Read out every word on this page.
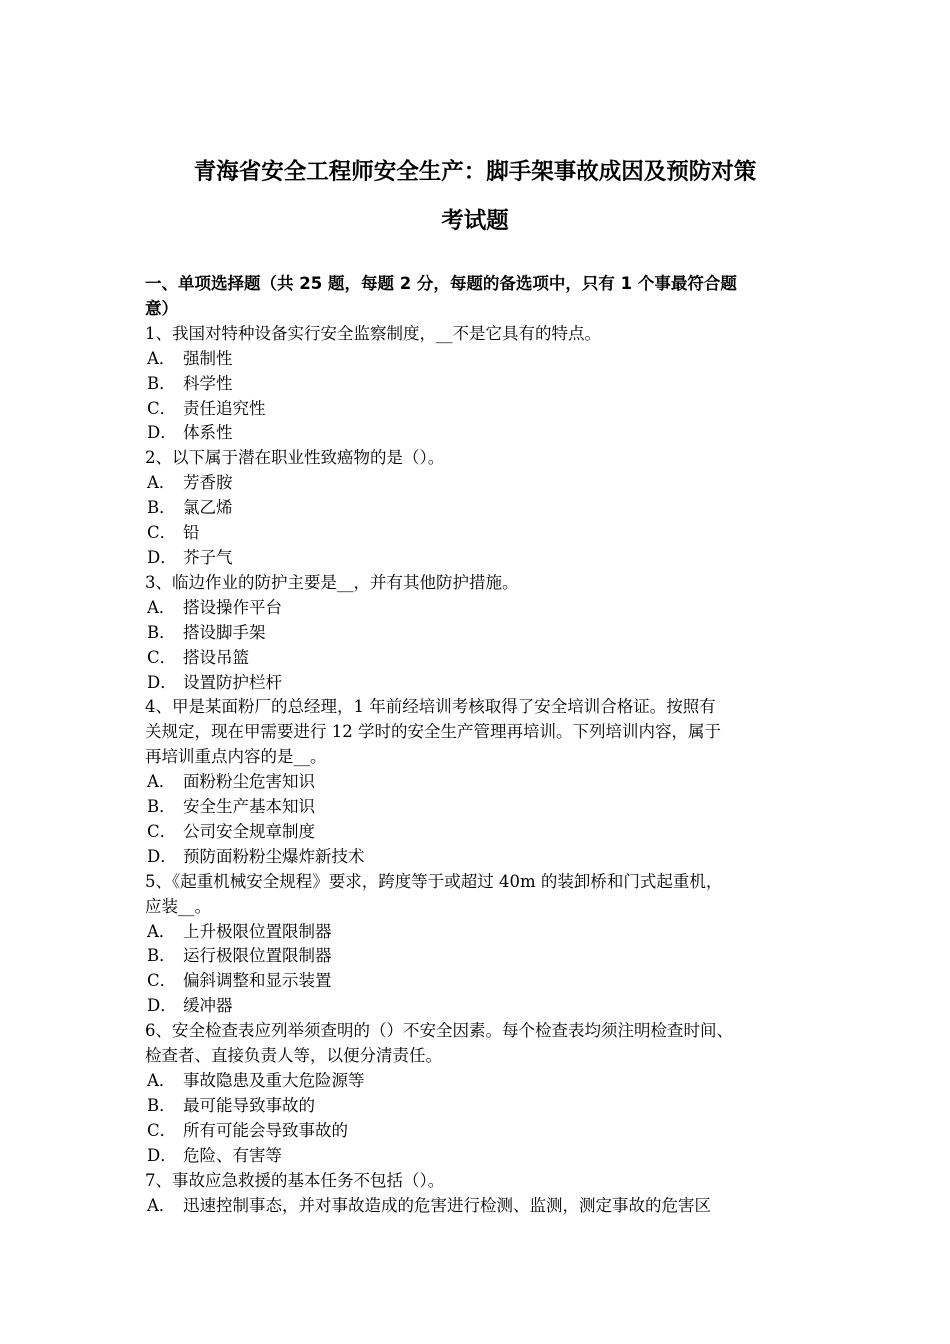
青海省安全工程师安全生产：脚手架事故成因及预防对策
考试题
一、单项选择题（共 25 题，每题 2 分，每题的备选项中，只有 1 个事最符合题
意）
1、我国对特种设备实行安全监察制度，__不是它具有的特点。
A． 强制性
B． 科学性
C． 责任追究性
D． 体系性
2、以下属于潜在职业性致癌物的是（）。
A． 芳香胺
B． 氯乙烯
C． 铅
D． 芥子气
3、临边作业的防护主要是__，并有其他防护措施。
A． 搭设操作平台
B． 搭设脚手架
C． 搭设吊篮
D． 设置防护栏杆
4、甲是某面粉厂的总经理，1 年前经培训考核取得了安全培训合格证。按照有
关规定，现在甲需要进行 12 学时的安全生产管理再培训。下列培训内容，属于
再培训重点内容的是__。
A． 面粉粉尘危害知识
B． 安全生产基本知识
C． 公司安全规章制度
D． 预防面粉粉尘爆炸新技术
5、《起重机械安全规程》要求，跨度等于或超过 40m 的装卸桥和门式起重机，
应装__。
A． 上升极限位置限制器
B． 运行极限位置限制器
C． 偏斜调整和显示装置
D． 缓冲器
6、安全检查表应列举须查明的（）不安全因素。每个检查表均须注明检查时间、
检查者、直接负责人等，以便分清责任。
A． 事故隐患及重大危险源等
B． 最可能导致事故的
C． 所有可能会导致事故的
D． 危险、有害等
7、事故应急救援的基本任务不包括（）。
A． 迅速控制事态，并对事故造成的危害进行检测、监测，测定事故的危害区
